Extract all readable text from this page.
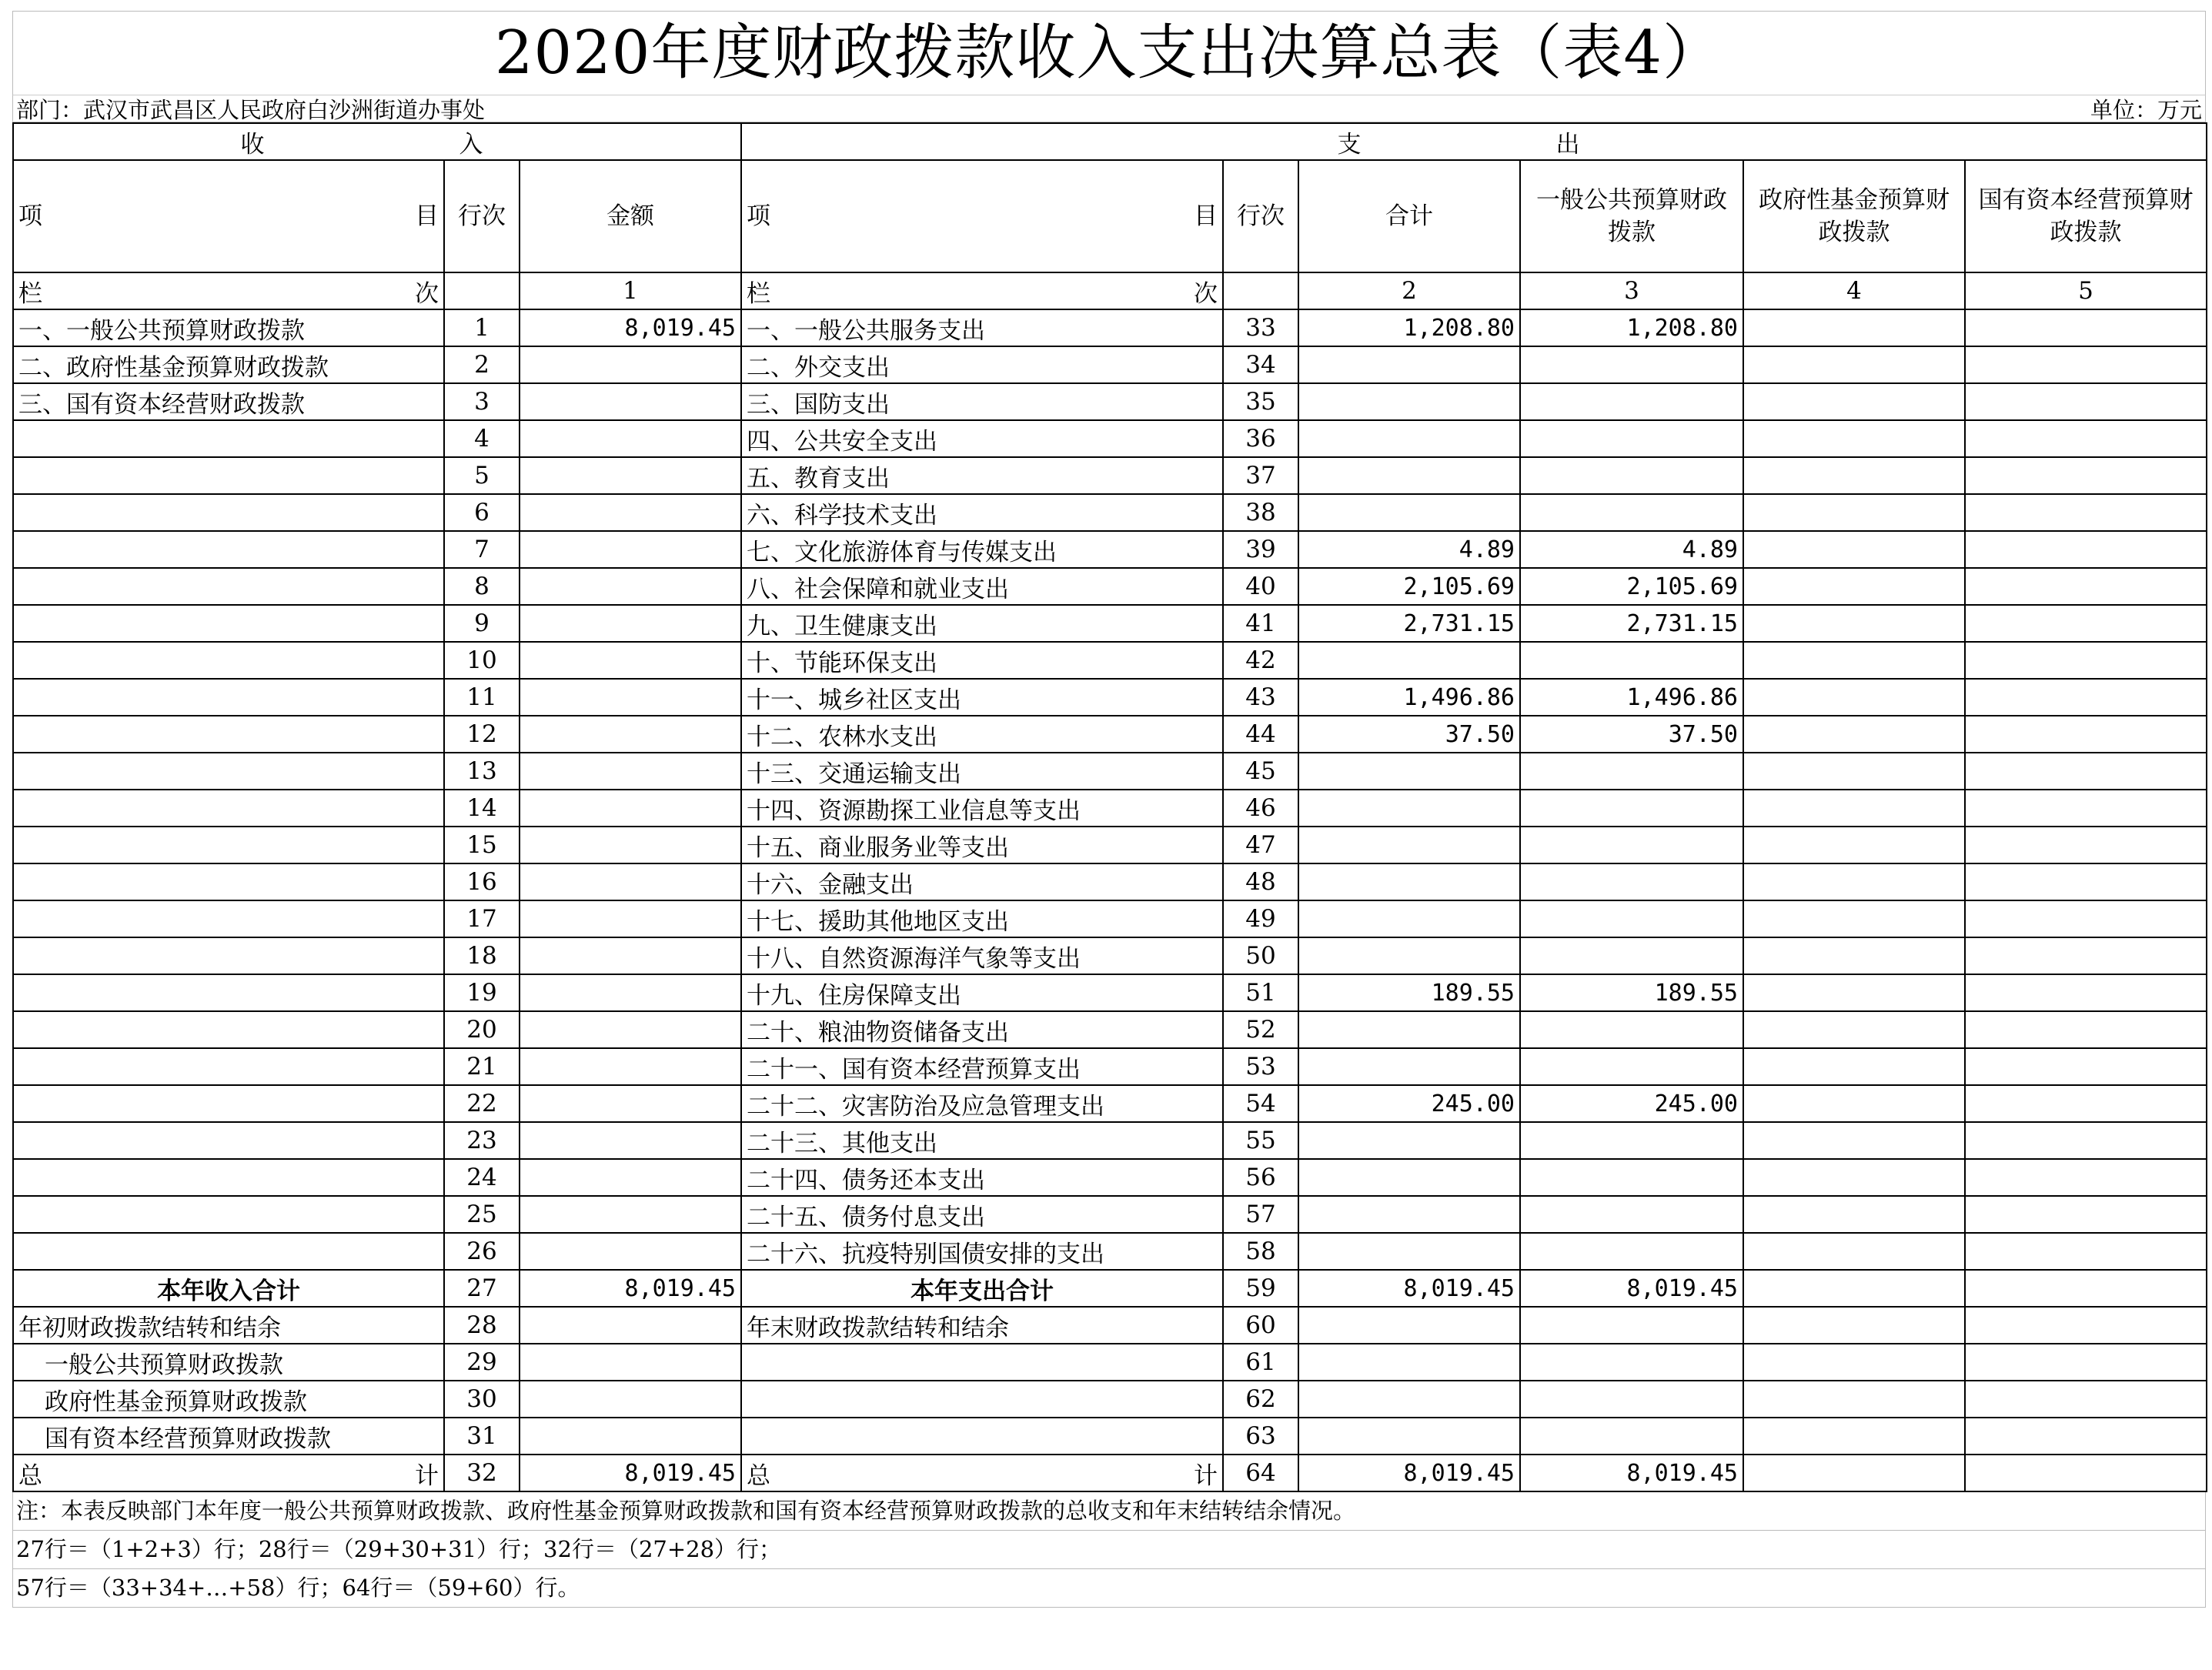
2020年度财政拨款收入支出决算总表（表4）
部门：武汉市武昌区人民政府白沙洲街道办事处	单位：万元
收　　　入			支　　　出					

项 目	行次	金额	项 目	行次	合计	一般公共预算财政拨款	政府性基金预算财政拨款	国有资本经营预算财政拨款

栏 次		1	栏 次		2	3	4	5
一、一般公共预算财政拨款	1	8,019.45	一、一般公共服务支出	33	1,208.80	1,208.80		
二、政府性基金预算财政拨款	2		二、外交支出	34				
三、国有资本经营财政拨款	3		三、国防支出	35				
	4		四、公共安全支出	36				
	5		五、教育支出	37				
	6		六、科学技术支出	38				
	7		七、文化旅游体育与传媒支出	39	4.89	4.89		
	8		八、社会保障和就业支出	40	2,105.69	2,105.69		
	9		九、卫生健康支出	41	2,731.15	2,731.15		
	10		十、节能环保支出	42				
	11		十一、城乡社区支出	43	1,496.86	1,496.86		
	12		十二、农林水支出	44	37.50	37.50		
	13		十三、交通运输支出	45				
	14		十四、资源勘探工业信息等支出	46				
	15		十五、商业服务业等支出	47				
	16		十六、金融支出	48				
	17		十七、援助其他地区支出	49				
	18		十八、自然资源海洋气象等支出	50				
	19		十九、住房保障支出	51	189.55	189.55		
	20		二十、粮油物资储备支出	52				
	21		二十一、国有资本经营预算支出	53				
	22		二十二、灾害防治及应急管理支出	54	245.00	245.00		
	23		二十三、其他支出	55				
	24		二十四、债务还本支出	56				
	25		二十五、债务付息支出	57				
	26		二十六、抗疫特别国债安排的支出	58				
本年收入合计	27	8,019.45	本年支出合计	59	8,019.45	8,019.45		
年初财政拨款结转和结余	28		年末财政拨款结转和结余	60				
一般公共预算财政拨款	29			61				
政府性基金预算财政拨款	30			62				
国有资本经营预算财政拨款	31			63				

总 计	32	8,019.45	总 计	64	8,019.45	8,019.45		
注：本表反映部门本年度一般公共预算财政拨款、政府性基金预算财政拨款和国有资本经营预算财政拨款的总收支和年末结转结余情况。
27行＝（1+2+3）行；28行＝（29+30+31）行；32行＝（27+28）行；
57行＝（33+34+…+58）行；64行＝（59+60）行。
